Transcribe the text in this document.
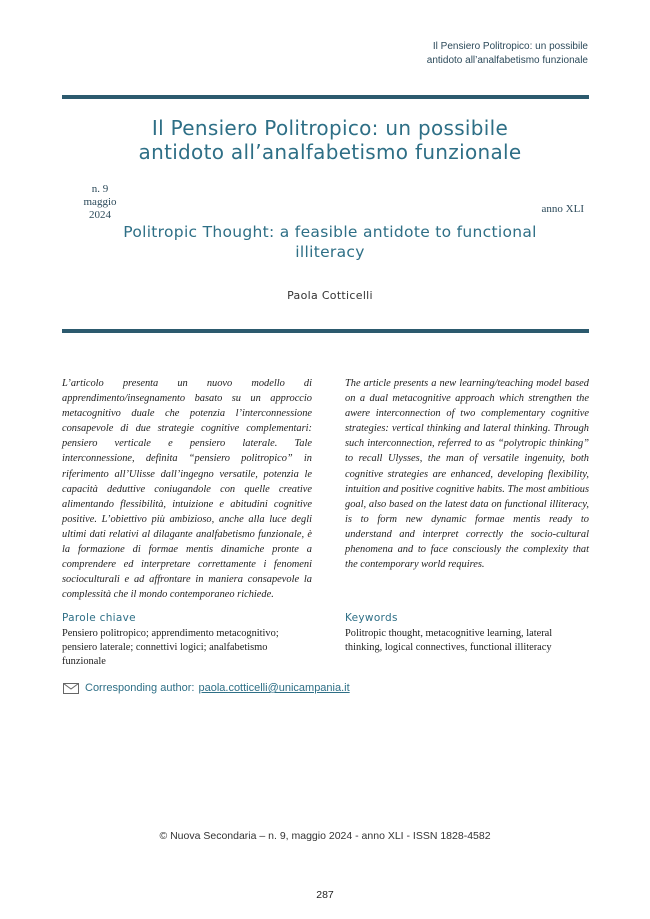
Il Pensiero Politropico: un possibile
antidoto all’analfabetismo funzionale
Il Pensiero Politropico: un possibile antidoto all’analfabetismo funzionale
n. 9
maggio
2024	anno XLI
Politropic Thought: a feasible antidote to functional illiteracy
Paola Cotticelli

L’articolo presenta un nuovo modello di apprendimento/insegnamento basato su un approccio metacognitivo duale che potenzia l’interconnessione consapevole di due strategie cognitive complementari: pensiero verticale e pensiero laterale. Tale interconnessione, definita “pensiero politropico” in riferimento all’Ulisse dall’ingegno versatile, potenzia le capacità deduttive coniugandole con quelle creative alimentando flessibilità, intuizione e abitudini cognitive positive. L’obiettivo più ambizioso, anche alla luce degli ultimi dati relativi al dilagante analfabetismo funzionale, è la formazione di formae mentis dinamiche pronte a comprendere ed interpretare correttamente i fenomeni socioculturali e ad affrontare in maniera consapevole la complessità che il mondo contemporaneo richiede.

The article presents a new learning/teaching model based on a dual metacognitive approach which strengthen the awere interconnection of two complementary cognitive strategies: vertical thinking and lateral thinking. Through such interconnection, referred to as “polytropic thinking” to recall Ulysses, the man of versatile ingenuity, both cognitive strategies are enhanced, developing flexibility, intuition and positive cognitive habits. The most ambitious goal, also based on the latest data on functional illiteracy, is to form new dynamic formae mentis ready to understand and interpret correctly the socio-cultural phenomena and to face consciously the complexity that the contemporary world requires.

Parole chiave

Pensiero politropico; apprendimento metacognitivo; pensiero laterale; connettivi logici; analfabetismo funzionale

Keywords

Politropic thought, metacognitive learning, lateral thinking, logical connectives, functional illiteracy

Corresponding author: paola.cotticelli@unicampania.it
© Nuova Secondaria – n. 9, maggio 2024 - anno XLI - ISSN 1828-4582
287
